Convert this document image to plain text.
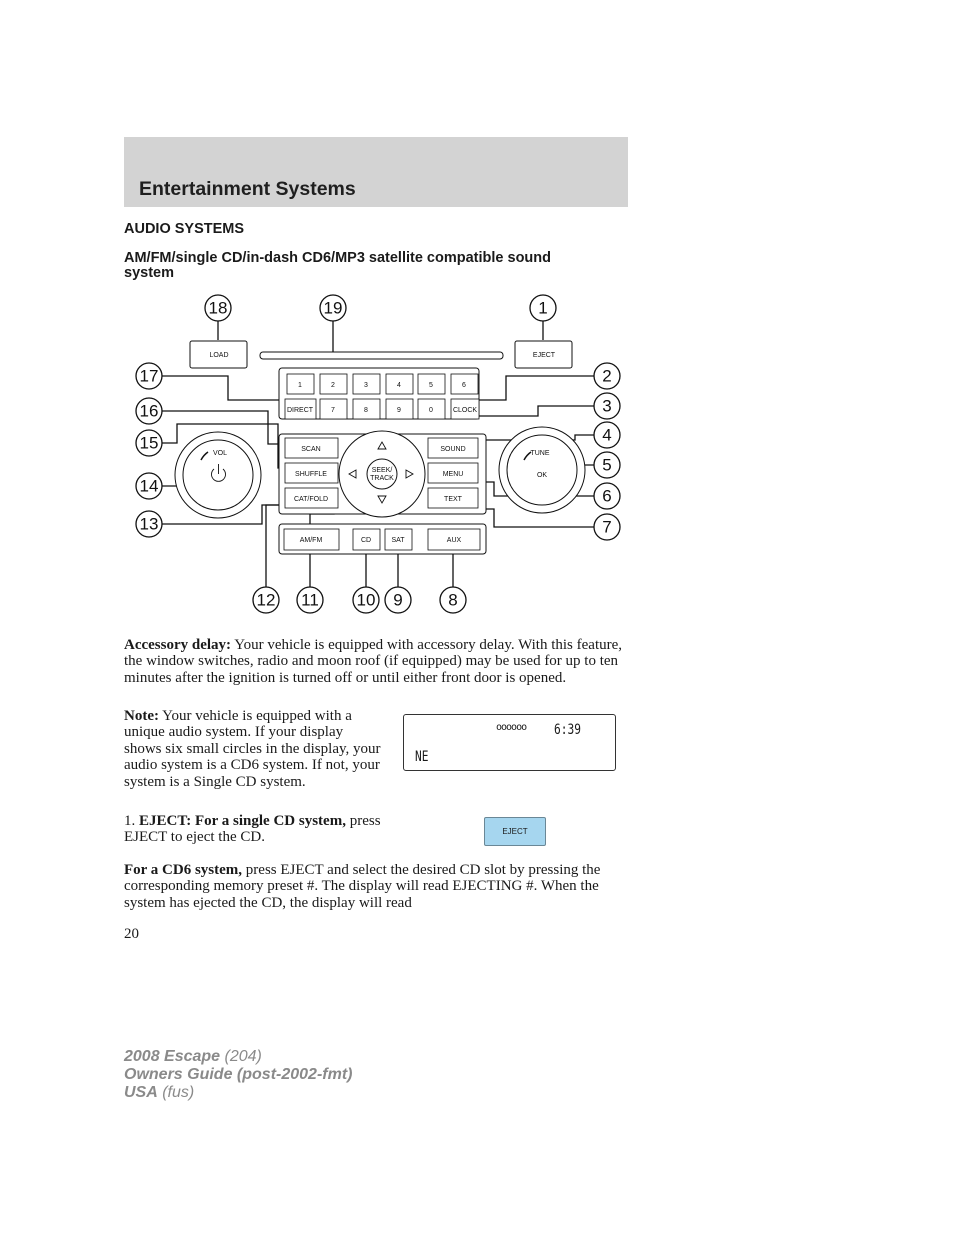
Entertainment Systems
AUDIO SYSTEMS
AM/FM/single CD/in-dash CD6/MP3 satellite compatible sound system
LOAD	EJECT
1	2	3	4	5	6
DIRECT	7	8	9	0	CLOCK
SCAN
SHUFFLE
CAT/FOLD
SOUND
MENU
TEXT
SEEK/
TRACK
VOL	TUNE
OK
AM/FM	CD	SAT	AUX
18	19	1
17	2
16	3
15	4
5
14
6
13	7
12 11 10 9	8

Accessory delay: Your vehicle is equipped with accessory delay. With this feature, the window switches, radio and moon roof (if equipped) may be used for up to ten minutes after the ignition is turned off or until either front door is opened.

Note: Your vehicle is equipped with a unique audio system. If your display shows six small circles in the display, your audio system is a CD6 system. If not, your system is a Single CD system.

oooooo 6:39
NE

1. EJECT: For a single CD system, press EJECT to eject the CD.	EJECT

For a CD6 system, press EJECT and select the desired CD slot by pressing the corresponding memory preset #. The display will read EJECTING #. When the system has ejected the CD, the display will read

20

2008 Escape (204)
Owners Guide (post-2002-fmt)
USA (fus)
